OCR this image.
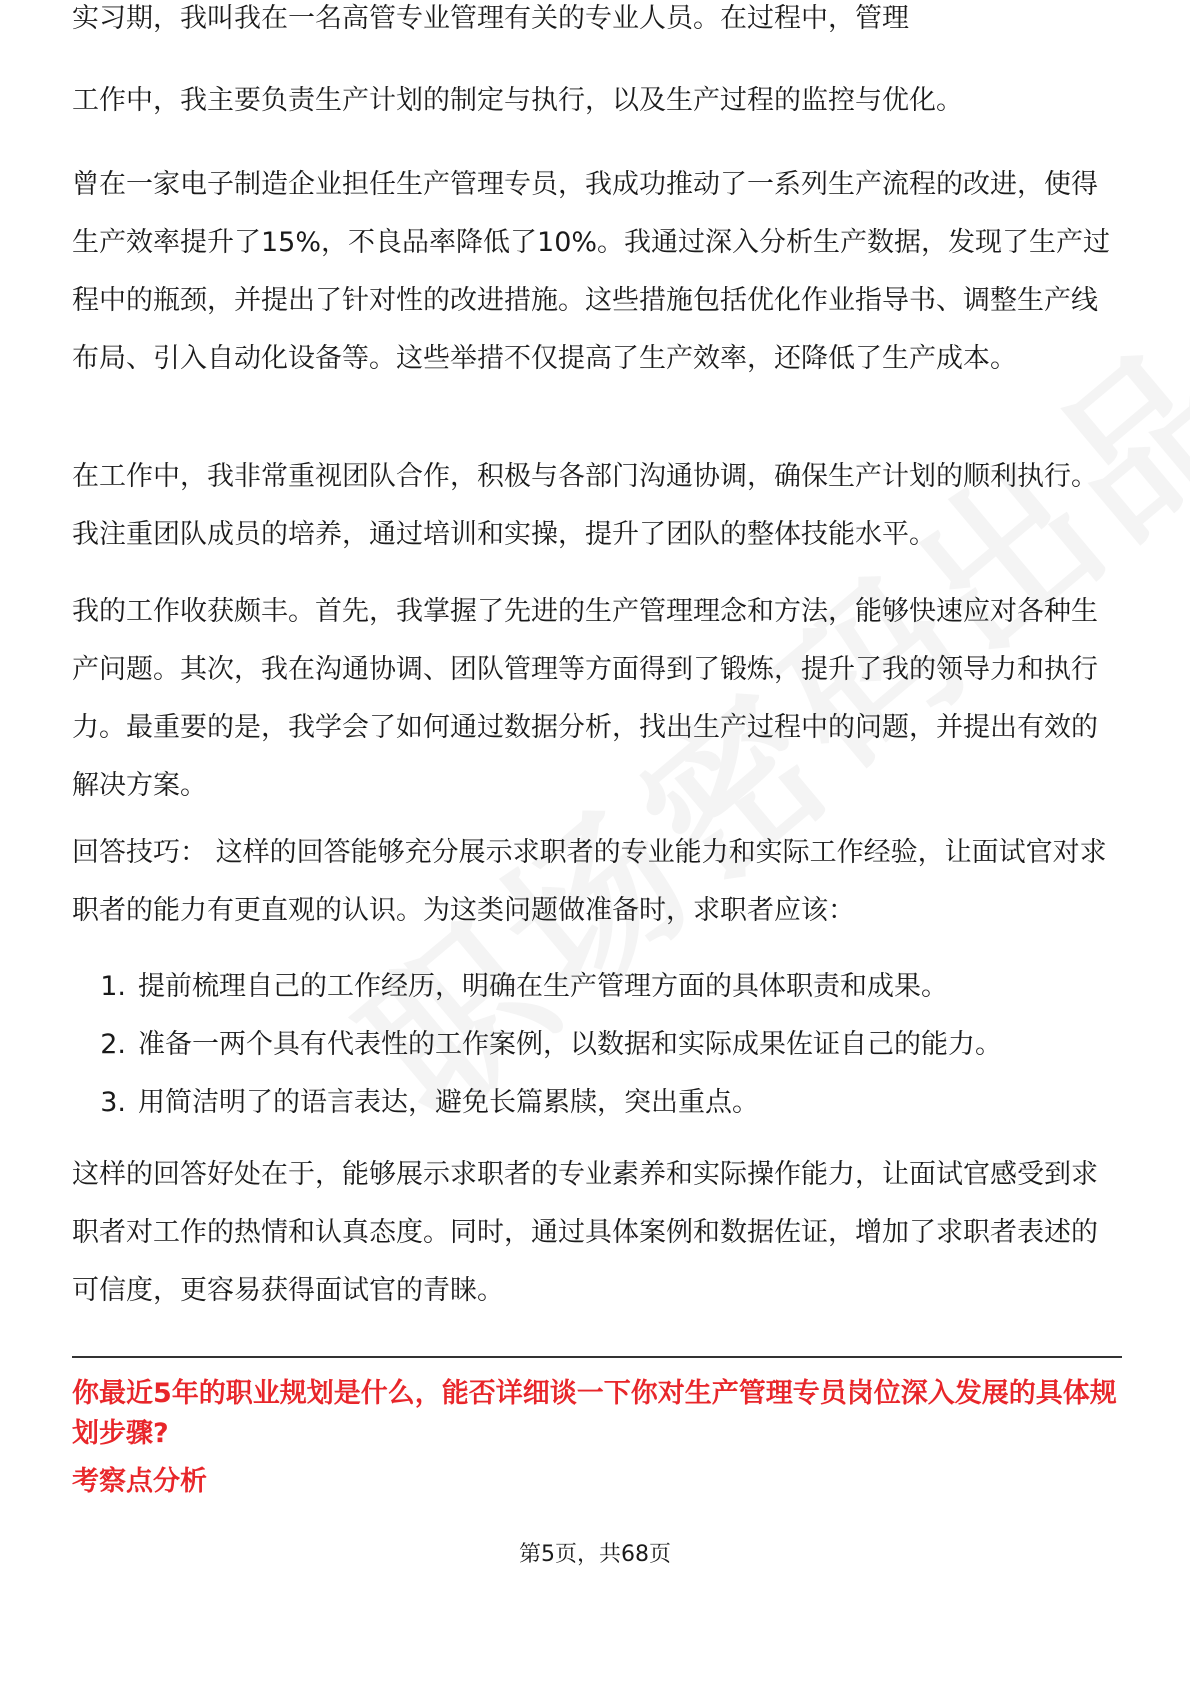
实习期，我叫我在一名高管专业管理有关的专业人员。在过程中，管理

工作中，我主要负责生产计划的制定与执行，以及生产过程的监控与优化。

曾在一家电子制造企业担任生产管理专员，我成功推动了一系列生产流程的改进，使得生产效率提升了15%，不良品率降低了10%。我通过深入分析生产数据，发现了生产过程中的瓶颈，并提出了针对性的改进措施。这些措施包括优化作业指导书、调整生产线布局、引入自动化设备等。这些举措不仅提高了生产效率，还降低了生产成本。

在工作中，我非常重视团队合作，积极与各部门沟通协调，确保生产计划的顺利执行。我注重团队成员的培养，通过培训和实操，提升了团队的整体技能水平。

我的工作收获颇丰。首先，我掌握了先进的生产管理理念和方法，能够快速应对各种生产问题。其次，我在沟通协调、团队管理等方面得到了锻炼，提升了我的领导力和执行力。最重要的是，我学会了如何通过数据分析，找出生产过程中的问题，并提出有效的解决方案。

回答技巧： 这样的回答能够充分展示求职者的专业能力和实际工作经验，让面试官对求职者的能力有更直观的认识。为这类问题做准备时，求职者应该：

1. 提前梳理自己的工作经历，明确在生产管理方面的具体职责和成果。
2. 准备一两个具有代表性的工作案例，以数据和实际成果佐证自己的能力。
3. 用简洁明了的语言表达，避免长篇累牍，突出重点。

这样的回答好处在于，能够展示求职者的专业素养和实际操作能力，让面试官感受到求职者对工作的热情和认真态度。同时，通过具体案例和数据佐证，增加了求职者表述的可信度，更容易获得面试官的青睐。

你最近5年的职业规划是什么，能否详细谈一下你对生产管理专员岗位深入发展的具体规划步骤?

考察点分析

第5页，共68页
